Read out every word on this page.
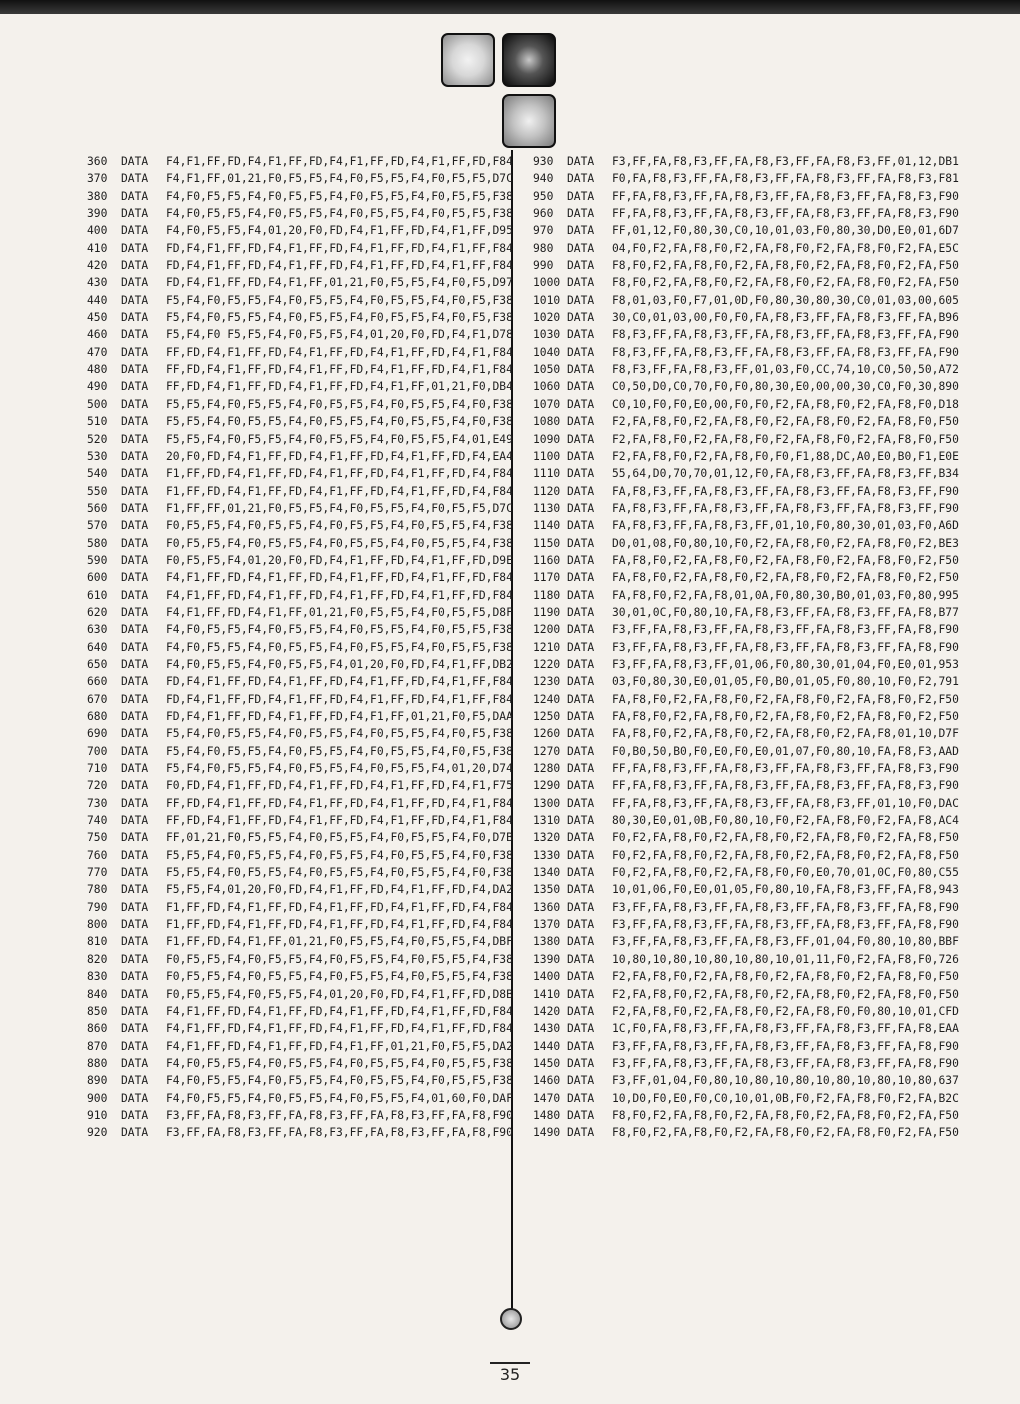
360 DATA F4,F1,FF,FD,F4,F1,FF,FD,F4,F1,FF,FD,F4,F1,FF,FD,F84
370 DATA F4,F1,FF,01,21,F0,F5,F5,F4,F0,F5,F5,F4,F0,F5,F5,D7C
380 DATA F4,F0,F5,F5,F4,F0,F5,F5,F4,F0,F5,F5,F4,F0,F5,F5,F38
390 DATA F4,F0,F5,F5,F4,F0,F5,F5,F4,F0,F5,F5,F4,F0,F5,F5,F38
400 DATA F4,F0,F5,F5,F4,01,20,F0,FD,F4,F1,FF,FD,F4,F1,FF,D95
410 DATA FD,F4,F1,FF,FD,F4,F1,FF,FD,F4,F1,FF,FD,F4,F1,FF,F84
420 DATA FD,F4,F1,FF,FD,F4,F1,FF,FD,F4,F1,FF,FD,F4,F1,FF,F84
430 DATA FD,F4,F1,FF,FD,F4,F1,FF,01,21,F0,F5,F5,F4,F0,F5,D97
440 DATA F5,F4,F0,F5,F5,F4,F0,F5,F5,F4,F0,F5,F5,F4,F0,F5,F38
450 DATA F5,F4,F0,F5,F5,F4,F0,F5,F5,F4,F0,F5,F5,F4,F0,F5,F38
460 DATA F5,F4,F0 F5,F5,F4,F0,F5,F5,F4,01,20,F0,FD,F4,F1,D78
470 DATA FF,FD,F4,F1,FF,FD,F4,F1,FF,FD,F4,F1,FF,FD,F4,F1,F84
480 DATA FF,FD,F4,F1,FF,FD,F4,F1,FF,FD,F4,F1,FF,FD,F4,F1,F84
490 DATA FF,FD,F4,F1,FF,FD,F4,F1,FF,FD,F4,F1,FF,01,21,F0,DB4
500 DATA F5,F5,F4,F0,F5,F5,F4,F0,F5,F5,F4,F0,F5,F5,F4,F0,F38
510 DATA F5,F5,F4,F0,F5,F5,F4,F0,F5,F5,F4,F0,F5,F5,F4,F0,F38
520 DATA F5,F5,F4,F0,F5,F5,F4,F0,F5,F5,F4,F0,F5,F5,F4,01,E49
530 DATA 20,F0,FD,F4,F1,FF,FD,F4,F1,FF,FD,F4,F1,FF,FD,F4,EA4
540 DATA F1,FF,FD,F4,F1,FF,FD,F4,F1,FF,FD,F4,F1,FF,FD,F4,F84
550 DATA F1,FF,FD,F4,F1,FF,FD,F4,F1,FF,FD,F4,F1,FF,FD,F4,F84
560 DATA F1,FF,FF,01,21,F0,F5,F5,F4,F0,F5,F5,F4,F0,F5,F5,D7C
570 DATA F0,F5,F5,F4,F0,F5,F5,F4,F0,F5,F5,F4,F0,F5,F5,F4,F38
580 DATA F0,F5,F5,F4,F0,F5,F5,F4,F0,F5,F5,F4,F0,F5,F5,F4,F38
590 DATA F0,F5,F5,F4,01,20,F0,FD,F4,F1,FF,FD,F4,F1,FF,FD,D9E
600 DATA F4,F1,FF,FD,F4,F1,FF,FD,F4,F1,FF,FD,F4,F1,FF,FD,F84
610 DATA F4,F1,FF,FD,F4,F1,FF,FD,F4,F1,FF,FD,F4,F1,FF,FD,F84
620 DATA F4,F1,FF,FD,F4,F1,FF,01,21,F0,F5,F5,F4,F0,F5,F5,D8F
630 DATA F4,F0,F5,F5,F4,F0,F5,F5,F4,F0,F5,F5,F4,F0,F5,F5,F38
640 DATA F4,F0,F5,F5,F4,F0,F5,F5,F4,F0,F5,F5,F4,F0,F5,F5,F38
650 DATA F4,F0,F5,F5,F4,F0,F5,F5,F4,01,20,F0,FD,F4,F1,FF,DB2
660 DATA FD,F4,F1,FF,FD,F4,F1,FF,FD,F4,F1,FF,FD,F4,F1,FF,F84
670 DATA FD,F4,F1,FF,FD,F4,F1,FF,FD,F4,F1,FF,FD,F4,F1,FF,F84
680 DATA FD,F4,F1,FF,FD,F4,F1,FF,FD,F4,F1,FF,01,21,F0,F5,DAA
690 DATA F5,F4,F0,F5,F5,F4,F0,F5,F5,F4,F0,F5,F5,F4,F0,F5,F38
700 DATA F5,F4,F0,F5,F5,F4,F0,F5,F5,F4,F0,F5,F5,F4,F0,F5,F38
710 DATA F5,F4,F0,F5,F5,F4,F0,F5,F5,F4,F0,F5,F5,F4,01,20,D74
720 DATA F0,FD,F4,F1,FF,FD,F4,F1,FF,FD,F4,F1,FF,FD,F4,F1,F75
730 DATA FF,FD,F4,F1,FF,FD,F4,F1,FF,FD,F4,F1,FF,FD,F4,F1,F84
740 DATA FF,FD,F4,F1,FF,FD,F4,F1,FF,FD,F4,F1,FF,FD,F4,F1,F84
750 DATA FF,01,21,F0,F5,F5,F4,F0,F5,F5,F4,F0,F5,F5,F4,F0,D7B
760 DATA F5,F5,F4,F0,F5,F5,F4,F0,F5,F5,F4,F0,F5,F5,F4,F0,F38
770 DATA F5,F5,F4,F0,F5,F5,F4,F0,F5,F5,F4,F0,F5,F5,F4,F0,F38
780 DATA F5,F5,F4,01,20,F0,FD,F4,F1,FF,FD,F4,F1,FF,FD,F4,DA2
790 DATA F1,FF,FD,F4,F1,FF,FD,F4,F1,FF,FD,F4,F1,FF,FD,F4,F84
800 DATA F1,FF,FD,F4,F1,FF,FD,F4,F1,FF,FD,F4,F1,FF,FD,F4,F84
810 DATA F1,FF,FD,F4,F1,FF,01,21,F0,F5,F5,F4,F0,F5,F5,F4,DBF
820 DATA F0,F5,F5,F4,F0,F5,F5,F4,F0,F5,F5,F4,F0,F5,F5,F4,F38
830 DATA F0,F5,F5,F4,F0,F5,F5,F4,F0,F5,F5,F4,F0,F5,F5,F4,F38
840 DATA F0,F5,F5,F4,F0,F5,F5,F4,01,20,F0,FD,F4,F1,FF,FD,D8B
850 DATA F4,F1,FF,FD,F4,F1,FF,FD,F4,F1,FF,FD,F4,F1,FF,FD,F84
860 DATA F4,F1,FF,FD,F4,F1,FF,FD,F4,F1,FF,FD,F4,F1,FF,FD,F84
870 DATA F4,F1,FF,FD,F4,F1,FF,FD,F4,F1,FF,01,21,F0,F5,F5,DA2
880 DATA F4,F0,F5,F5,F4,F0,F5,F5,F4,F0,F5,F5,F4,F0,F5,F5,F38
890 DATA F4,F0,F5,F5,F4,F0,F5,F5,F4,F0,F5,F5,F4,F0,F5,F5,F38
900 DATA F4,F0,F5,F5,F4,F0,F5,F5,F4,F0,F5,F5,F4,01,60,F0,DAF
910 DATA F3,FF,FA,F8,F3,FF,FA,F8,F3,FF,FA,F8,F3,FF,FA,F8,F90
920 DATA F3,FF,FA,F8,F3,FF,FA,F8,F3,FF,FA,F8,F3,FF,FA,F8,F90
930 DATA F3,FF,FA,F8,F3,FF,FA,F8,F3,FF,FA,F8,F3,FF,01,12,DB1
940 DATA F0,FA,F8,F3,FF,FA,F8,F3,FF,FA,F8,F3,FF,FA,F8,F3,F81
950 DATA FF,FA,F8,F3,FF,FA,F8,F3,FF,FA,F8,F3,FF,FA,F8,F3,F90
960 DATA FF,FA,F8,F3,FF,FA,F8,F3,FF,FA,F8,F3,FF,FA,F8,F3,F90
970 DATA FF,01,12,F0,80,30,C0,10,01,03,F0,80,30,D0,E0,01,6D7
980 DATA 04,F0,F2,FA,F8,F0,F2,FA,F8,F0,F2,FA,F8,F0,F2,FA,E5C
990 DATA F8,F0,F2,FA,F8,F0,F2,FA,F8,F0,F2,FA,F8,F0,F2,FA,F50
1000 DATA F8,F0,F2,FA,F8,F0,F2,FA,F8,F0,F2,FA,F8,F0,F2,FA,F50
1010 DATA F8,01,03,F0,F7,01,0D,F0,80,30,80,30,C0,01,03,00,605
1020 DATA 30,C0,01,03,00,F0,F0,FA,F8,F3,FF,FA,F8,F3,FF,FA,B96
1030 DATA F8,F3,FF,FA,F8,F3,FF,FA,F8,F3,FF,FA,F8,F3,FF,FA,F90
1040 DATA F8,F3,FF,FA,F8,F3,FF,FA,F8,F3,FF,FA,F8,F3,FF,FA,F90
1050 DATA F8,F3,FF,FA,F8,F3,FF,01,03,F0,CC,74,10,C0,50,50,A72
1060 DATA C0,50,D0,C0,70,F0,F0,80,30,E0,00,00,30,C0,F0,30,890
1070 DATA C0,10,F0,F0,E0,00,F0,F0,F2,FA,F8,F0,F2,FA,F8,F0,D18
1080 DATA F2,FA,F8,F0,F2,FA,F8,F0,F2,FA,F8,F0,F2,FA,F8,F0,F50
1090 DATA F2,FA,F8,F0,F2,FA,F8,F0,F2,FA,F8,F0,F2,FA,F8,F0,F50
1100 DATA F2,FA,F8,F0,F2,FA,F8,F0,F0,F1,88,DC,A0,E0,B0,F1,E0E
1110 DATA 55,64,D0,70,70,01,12,F0,FA,F8,F3,FF,FA,F8,F3,FF,B34
1120 DATA FA,F8,F3,FF,FA,F8,F3,FF,FA,F8,F3,FF,FA,F8,F3,FF,F90
1130 DATA FA,F8,F3,FF,FA,F8,F3,FF,FA,F8,F3,FF,FA,F8,F3,FF,F90
1140 DATA FA,F8,F3,FF,FA,F8,F3,FF,01,10,F0,80,30,01,03,F0,A6D
1150 DATA D0,01,08,F0,80,10,F0,F2,FA,F8,F0,F2,FA,F8,F0,F2,BE3
1160 DATA FA,F8,F0,F2,FA,F8,F0,F2,FA,F8,F0,F2,FA,F8,F0,F2,F50
1170 DATA FA,F8,F0,F2,FA,F8,F0,F2,FA,F8,F0,F2,FA,F8,F0,F2,F50
1180 DATA FA,F8,F0,F2,FA,F8,01,0A,F0,80,30,B0,01,03,F0,80,995
1190 DATA 30,01,0C,F0,80,10,FA,F8,F3,FF,FA,F8,F3,FF,FA,F8,B77
1200 DATA F3,FF,FA,F8,F3,FF,FA,F8,F3,FF,FA,F8,F3,FF,FA,F8,F90
1210 DATA F3,FF,FA,F8,F3,FF,FA,F8,F3,FF,FA,F8,F3,FF,FA,F8,F90
1220 DATA F3,FF,FA,F8,F3,FF,01,06,F0,80,30,01,04,F0,E0,01,953
1230 DATA 03,F0,80,30,E0,01,05,F0,B0,01,05,F0,80,10,F0,F2,791
1240 DATA FA,F8,F0,F2,FA,F8,F0,F2,FA,F8,F0,F2,FA,F8,F0,F2,F50
1250 DATA FA,F8,F0,F2,FA,F8,F0,F2,FA,F8,F0,F2,FA,F8,F0,F2,F50
1260 DATA FA,F8,F0,F2,FA,F8,F0,F2,FA,F8,F0,F2,FA,F8,01,10,D7F
1270 DATA F0,B0,50,B0,F0,E0,F0,E0,01,07,F0,80,10,FA,F8,F3,AAD
1280 DATA FF,FA,F8,F3,FF,FA,F8,F3,FF,FA,F8,F3,FF,FA,F8,F3,F90
1290 DATA FF,FA,F8,F3,FF,FA,F8,F3,FF,FA,F8,F3,FF,FA,F8,F3,F90
1300 DATA FF,FA,F8,F3,FF,FA,F8,F3,FF,FA,F8,F3,FF,01,10,F0,DAC
1310 DATA 80,30,E0,01,0B,F0,80,10,F0,F2,FA,F8,F0,F2,FA,F8,AC4
1320 DATA F0,F2,FA,F8,F0,F2,FA,F8,F0,F2,FA,F8,F0,F2,FA,F8,F50
1330 DATA F0,F2,FA,F8,F0,F2,FA,F8,F0,F2,FA,F8,F0,F2,FA,F8,F50
1340 DATA F0,F2,FA,F8,F0,F2,FA,F8,F0,F0,E0,70,01,0C,F0,80,C55
1350 DATA 10,01,06,F0,E0,01,05,F0,80,10,FA,F8,F3,FF,FA,F8,943
1360 DATA F3,FF,FA,F8,F3,FF,FA,F8,F3,FF,FA,F8,F3,FF,FA,F8,F90
1370 DATA F3,FF,FA,F8,F3,FF,FA,F8,F3,FF,FA,F8,F3,FF,FA,F8,F90
1380 DATA F3,FF,FA,F8,F3,FF,FA,F8,F3,FF,01,04,F0,80,10,80,BBF
1390 DATA 10,80,10,80,10,80,10,80,10,01,11,F0,F2,FA,F8,F0,726
1400 DATA F2,FA,F8,F0,F2,FA,F8,F0,F2,FA,F8,F0,F2,FA,F8,F0,F50
1410 DATA F2,FA,F8,F0,F2,FA,F8,F0,F2,FA,F8,F0,F2,FA,F8,F0,F50
1420 DATA F2,FA,F8,F0,F2,FA,F8,F0,F2,FA,F8,F0,F0,80,10,01,CFD
1430 DATA 1C,F0,FA,F8,F3,FF,FA,F8,F3,FF,FA,F8,F3,FF,FA,F8,EAA
1440 DATA F3,FF,FA,F8,F3,FF,FA,F8,F3,FF,FA,F8,F3,FF,FA,F8,F90
1450 DATA F3,FF,FA,F8,F3,FF,FA,F8,F3,FF,FA,F8,F3,FF,FA,F8,F90
1460 DATA F3,FF,01,04,F0,80,10,80,10,80,10,80,10,80,10,80,637
1470 DATA 10,D0,F0,E0,F0,C0,10,01,0B,F0,F2,FA,F8,F0,F2,FA,B2C
1480 DATA F8,F0,F2,FA,F8,F0,F2,FA,F8,F0,F2,FA,F8,F0,F2,FA,F50
1490 DATA F8,F0,F2,FA,F8,F0,F2,FA,F8,F0,F2,FA,F8,F0,F2,FA,F50
35
